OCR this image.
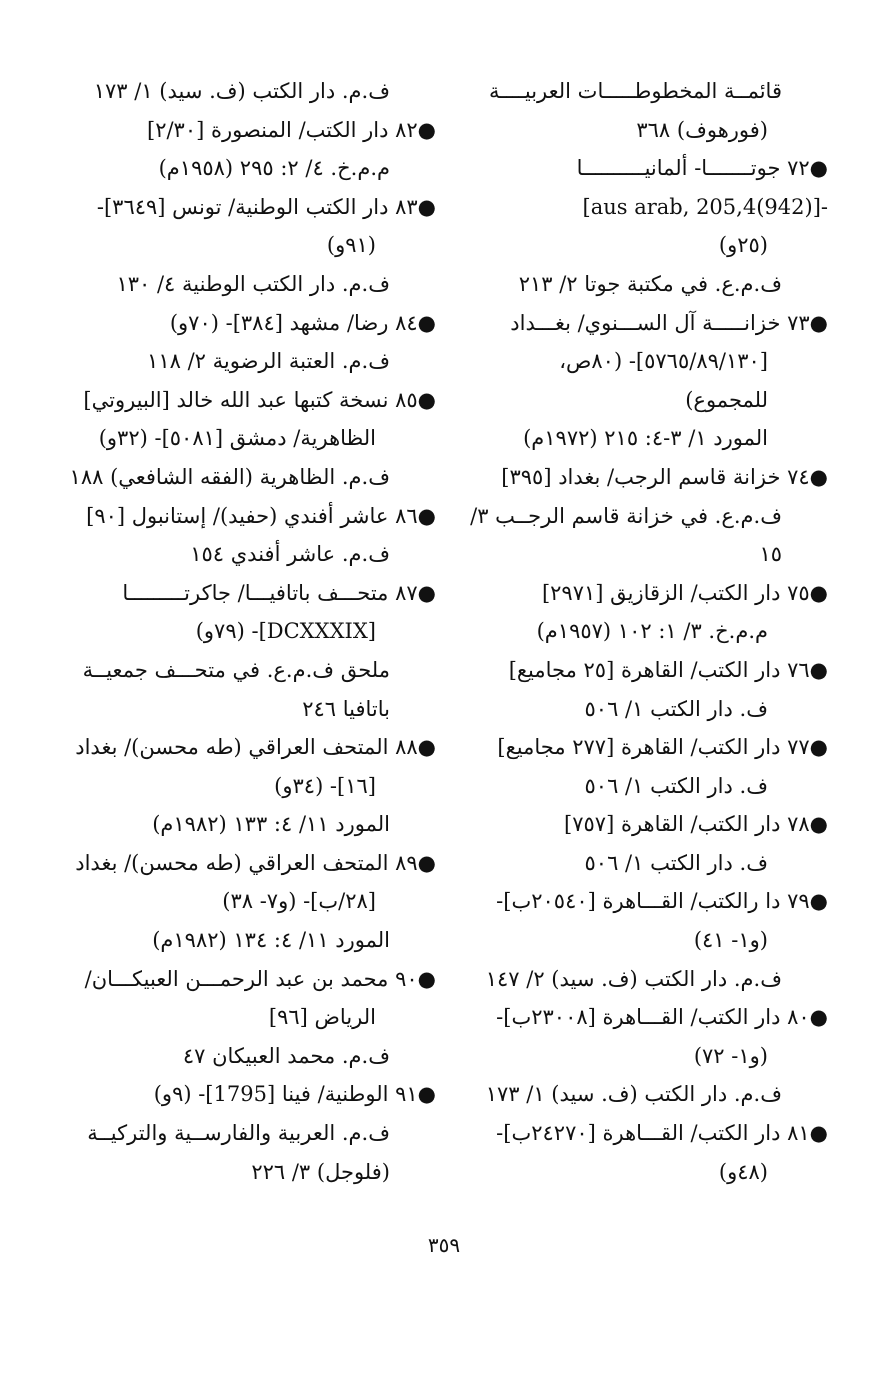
قائمــة المخطوطـــــات العربيــــة
(فورهوف) ٣٦٨
●٧٢ جوتـــــــا- ألمانيــــــــــا
-[(942)4,aus arab, 205]
(٢٥و)
ف.م.ع. في مكتبة جوتا ٢/ ٢١٣
●٧٣ خزانـــــة آل الســـنوي/ بغـــداد
[٥٧٦٥/٨٩/١٣٠]- (٨٠ص،
للمجموع)
المورد ١/ ٣-٤: ٢١٥ (١٩٧٢م)
●٧٤ خزانة قاسم الرجب/ بغداد [٣٩٥]
ف.م.ع. في خزانة قاسم الرجــب ٣/
١٥
●٧٥ دار الكتب/ الزقازيق [٢٩٧١]
م.م.خ. ٣/ ١: ١٠٢ (١٩٥٧م)
●٧٦ دار الكتب/ القاهرة [٢٥ مجاميع]
ف. دار الكتب ١/ ٥٠٦
●٧٧ دار الكتب/ القاهرة [٢٧٧ مجاميع]
ف. دار الكتب ١/ ٥٠٦
●٧٨ دار الكتب/ القاهرة [٧٥٧]
ف. دار الكتب ١/ ٥٠٦
●٧٩ دا رالكتب/ القـــاهرة [٢٠٥٤٠ب]-
(و١- ٤١)
ف.م. دار الكتب (ف. سيد) ٢/ ١٤٧
●٨٠ دار الكتب/ القـــاهرة [٢٣٠٠٨ب]-
(و١- ٧٢)
ف.م. دار الكتب (ف. سيد) ١/ ١٧٣
●٨١ دار الكتب/ القـــاهرة [٢٤٢٧٠ب]-
(٤٨و)
ف.م. دار الكتب (ف. سيد) ١/ ١٧٣
●٨٢ دار الكتب/ المنصورة [٢/٣٠]
م.م.خ. ٤/ ٢: ٢٩٥ (١٩٥٨م)
●٨٣ دار الكتب الوطنية/ تونس [٣٦٤٩]-
(٩١و)
ف.م. دار الكتب الوطنية ٤/ ١٣٠
●٨٤ رضا/ مشهد [٣٨٤]- (٧٠و)
ف.م. العتبة الرضوية ٢/ ١١٨
●٨٥ نسخة كتبها عبد الله خالد [البيروتي]
الظاهرية/ دمشق [٥٠٨١]- (٣٢و)
ف.م. الظاهرية (الفقه الشافعي) ١٨٨
●٨٦ عاشر أفندي (حفيد)/ إستانبول [٩٠]
ف.م. عاشر أفندي ١٥٤
●٨٧ متحـــف باتافيـــا/ جاكرتـــــــــا
[DCXXXIX]- (٧٩و)
ملحق ف.م.ع. في متحـــف جمعيــة
باتافيا ٢٤٦
●٨٨ المتحف العراقي (طه محسن)/ بغداد
[١٦]- (٣٤و)
المورد ١١/ ٤: ١٣٣ (١٩٨٢م)
●٨٩ المتحف العراقي (طه محسن)/ بغداد
[٢٨/ب]- (و٧- ٣٨)
المورد ١١/ ٤: ١٣٤ (١٩٨٢م)
●٩٠ محمد بن عبد الرحمـــن العبيكـــان/
الرياض [٩٦]
ف.م. محمد العبيكان ٤٧
●٩١ الوطنية/ فينا [1795]- (٩و)
ف.م. العربية والفارســية والتركيــة
(فلوجل) ٣/ ٢٢٦
٣٥٩
